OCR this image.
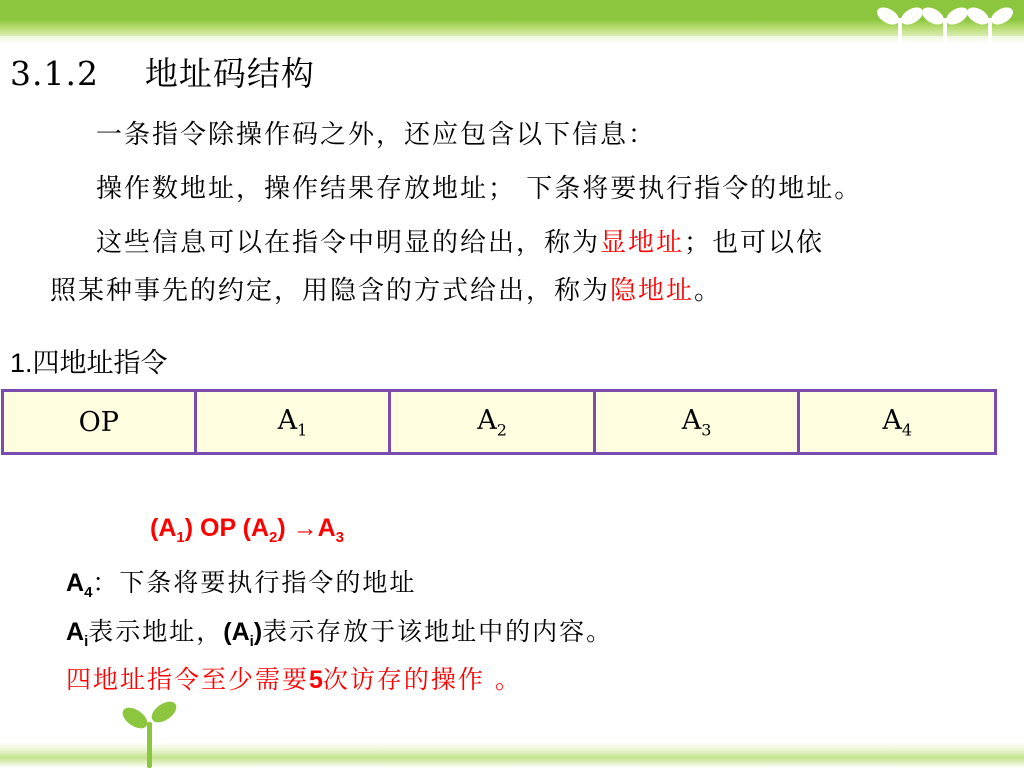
3.1.2    地址码结构
一条指令除操作码之外，还应包含以下信息：
操作数地址，操作结果存放地址； 下条将要执行指令的地址。
这些信息可以在指令中明显的给出，称为显地址；也可以依
照某种事先的约定，用隐含的方式给出，称为隐地址。
1.四地址指令
OP	$A_1$	$A_2$	$A_3$	$A_4$
$(A_1)$ OP $(A_2) \to A_3$
$A_4$：下条将要执行指令的地址
$A_i$表示地址，$(A_i)$表示存放于该地址中的内容。
四地址指令至少需要5次访存的操作 。
